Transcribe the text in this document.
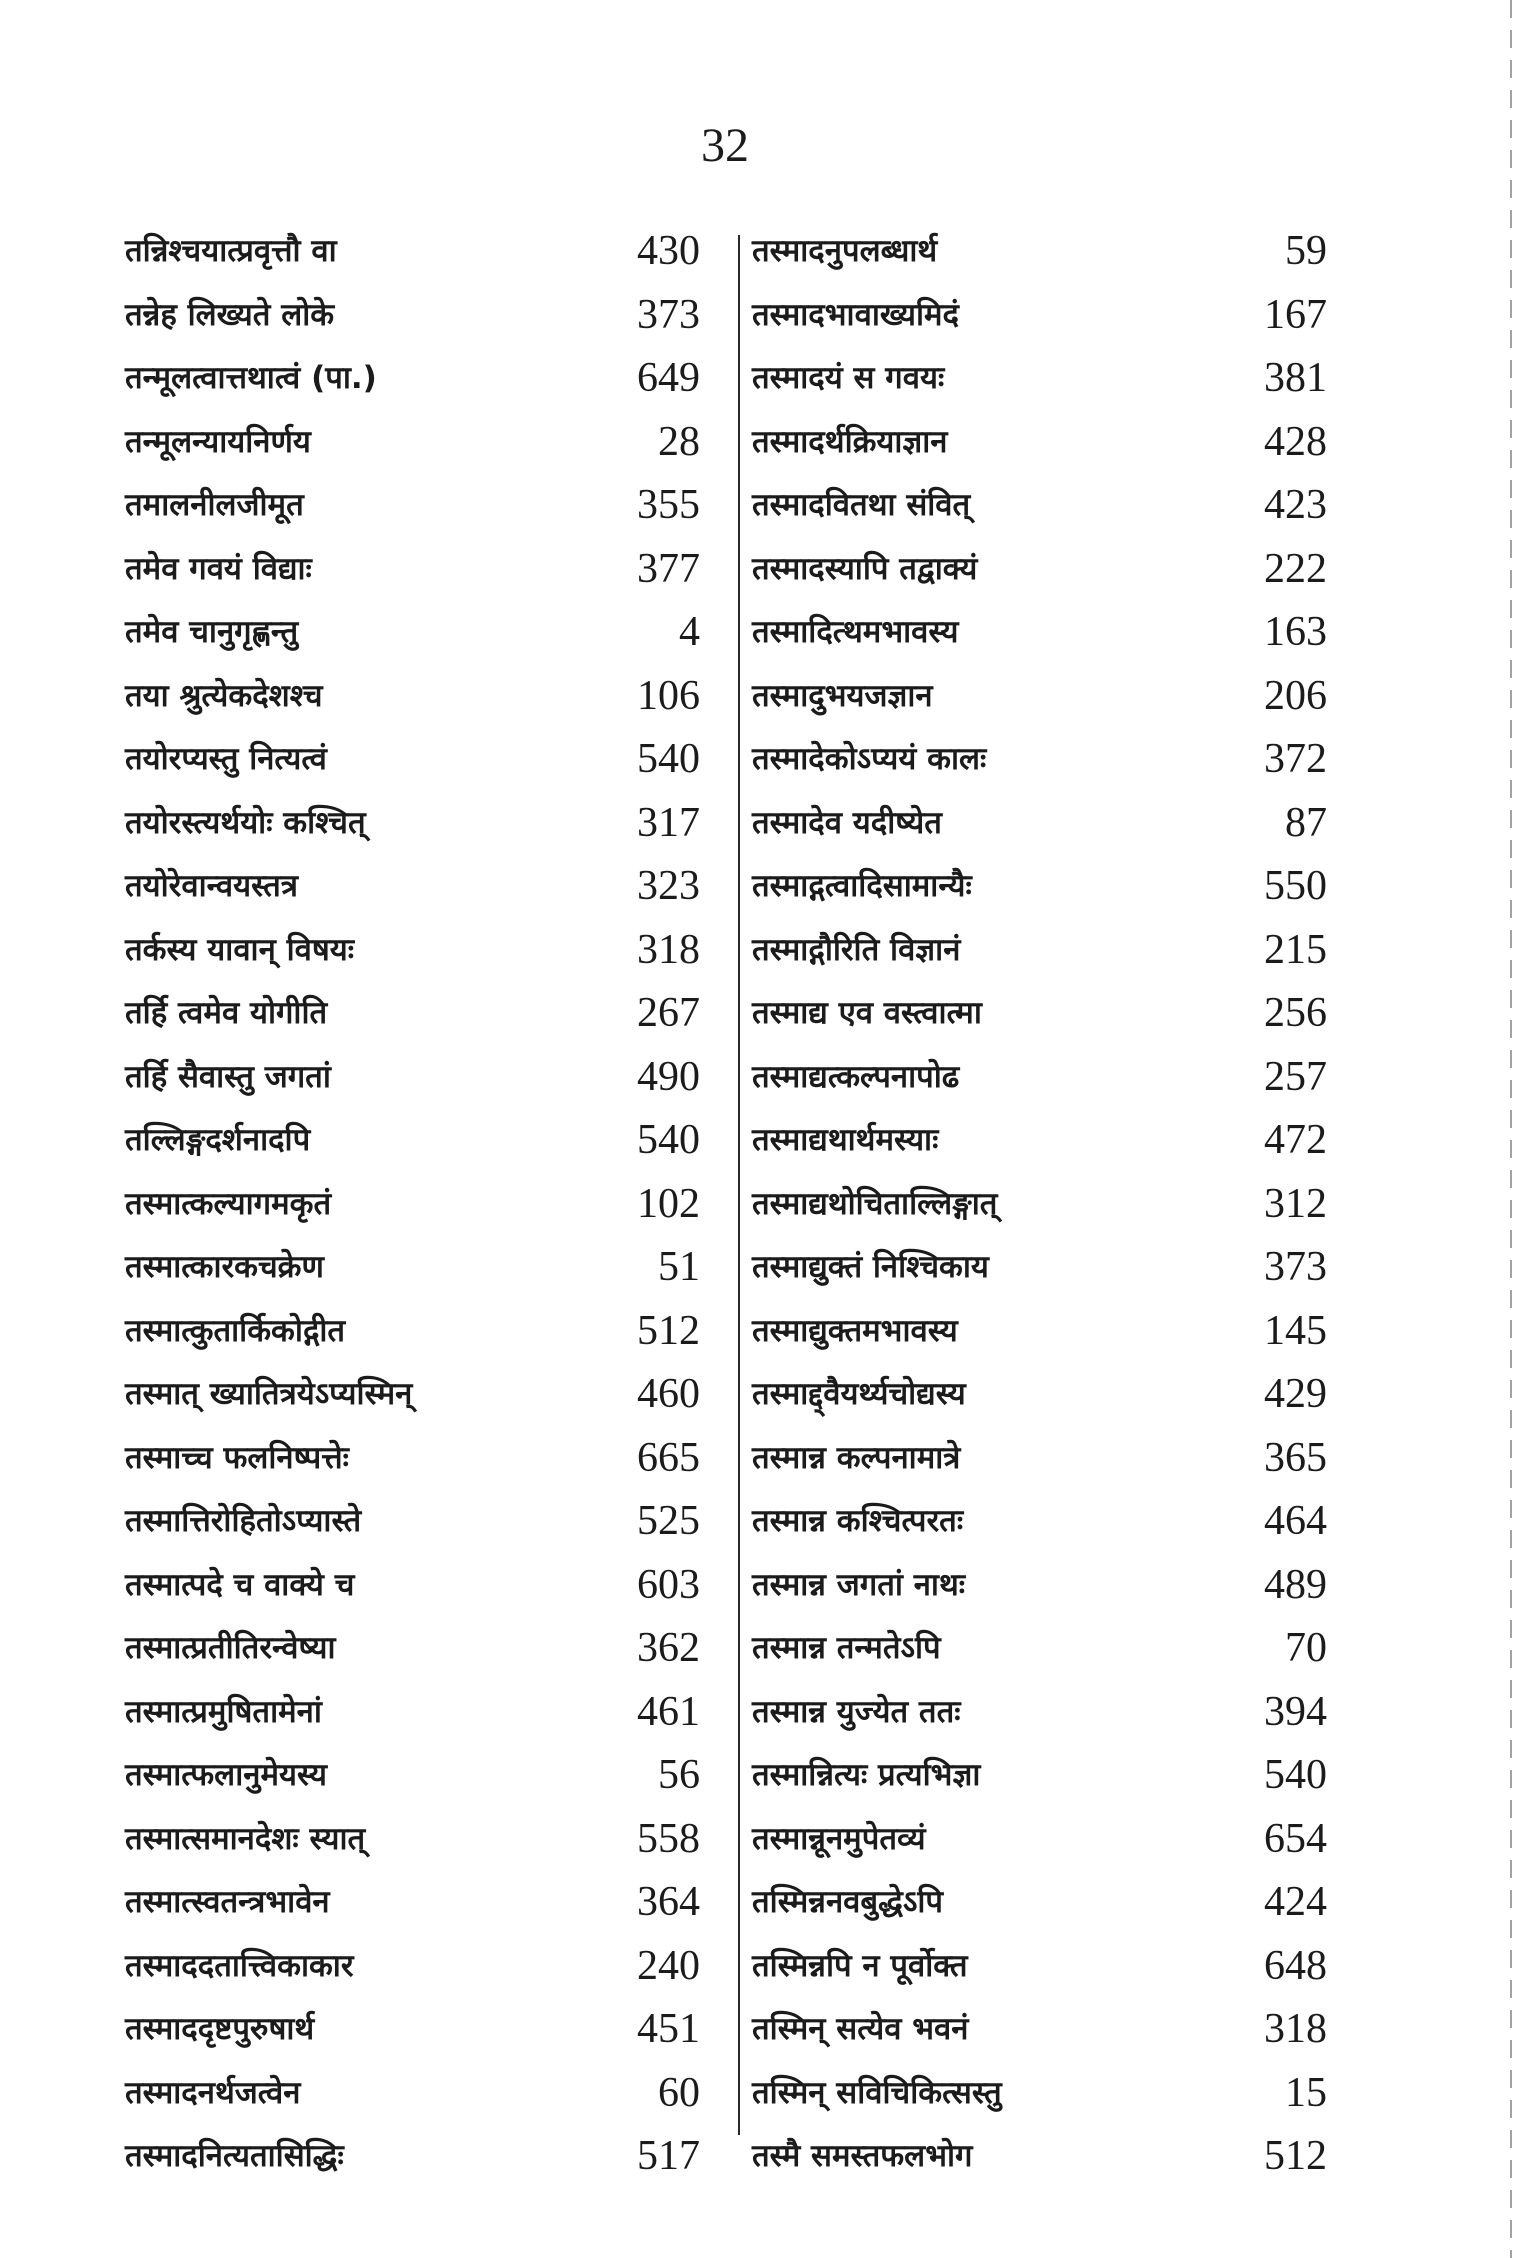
32
तन्निश्चयात्प्रवृत्तौ वा	430
तन्नेह लिख्यते लोके	373
तन्मूलत्वात्तथात्वं (पा.)	649
तन्मूलन्यायनिर्णय	28
तमालनीलजीमूत	355
तमेव गवयं विद्याः	377
तमेव चानुगृह्णन्तु	4
तया श्रुत्येकदेशश्च	106
तयोरप्यस्तु नित्यत्वं	540
तयोरस्त्यर्थयोः कश्चित्	317
तयोरेवान्वयस्तत्र	323
तर्कस्य यावान् विषयः	318
तर्हि त्वमेव योगीति	267
तर्हि सैवास्तु जगतां	490
तल्लिङ्गदर्शनादपि	540
तस्मात्कल्यागमकृतं	102
तस्मात्कारकचक्रेण	51
तस्मात्कुतार्किकोद्गीत	512
तस्मात् ख्यातित्रयेऽप्यस्मिन्	460
तस्माच्च फलनिष्पत्तेः	665
तस्मात्तिरोहितोऽप्यास्ते	525
तस्मात्पदे च वाक्ये च	603
तस्मात्प्रतीतिरन्वेष्या	362
तस्मात्प्रमुषितामेनां	461
तस्मात्फलानुमेयस्य	56
तस्मात्समानदेशः स्यात्	558
तस्मात्स्वतन्त्रभावेन	364
तस्माददतात्त्विकाकार	240
तस्माददृष्टपुरुषार्थ	451
तस्मादनर्थजत्वेन	60
तस्मादनित्यतासिद्धिः	517
तस्मादनुपलब्धार्थ	59
तस्मादभावाख्यमिदं	167
तस्मादयं स गवयः	381
तस्मादर्थक्रियाज्ञान	428
तस्मादवितथा संवित्	423
तस्मादस्यापि तद्वाक्यं	222
तस्मादित्थमभावस्य	163
तस्मादुभयजज्ञान	206
तस्मादेकोऽप्ययं कालः	372
तस्मादेव यदीष्येत	87
तस्माद्गत्वादिसामान्यैः	550
तस्माद्गौरिति विज्ञानं	215
तस्माद्य एव वस्त्वात्मा	256
तस्माद्यत्कल्पनापोढ	257
तस्माद्यथार्थमस्याः	472
तस्माद्यथोचिताल्लिङ्गात्	312
तस्माद्युक्तं निश्चिकाय	373
तस्माद्युक्तमभावस्य	145
तस्माद्द्वैयर्थ्यचोद्यस्य	429
तस्मान्न कल्पनामात्रे	365
तस्मान्न कश्चित्परतः	464
तस्मान्न जगतां नाथः	489
तस्मान्न तन्मतेऽपि	70
तस्मान्न युज्येत ततः	394
तस्मान्नित्यः प्रत्यभिज्ञा	540
तस्मान्नूनमुपेतव्यं	654
तस्मिन्ननवबुद्धेऽपि	424
तस्मिन्नपि न पूर्वोक्त	648
तस्मिन् सत्येव भवनं	318
तस्मिन् सविचिकित्सस्तु	15
तस्मै समस्तफलभोग	512
